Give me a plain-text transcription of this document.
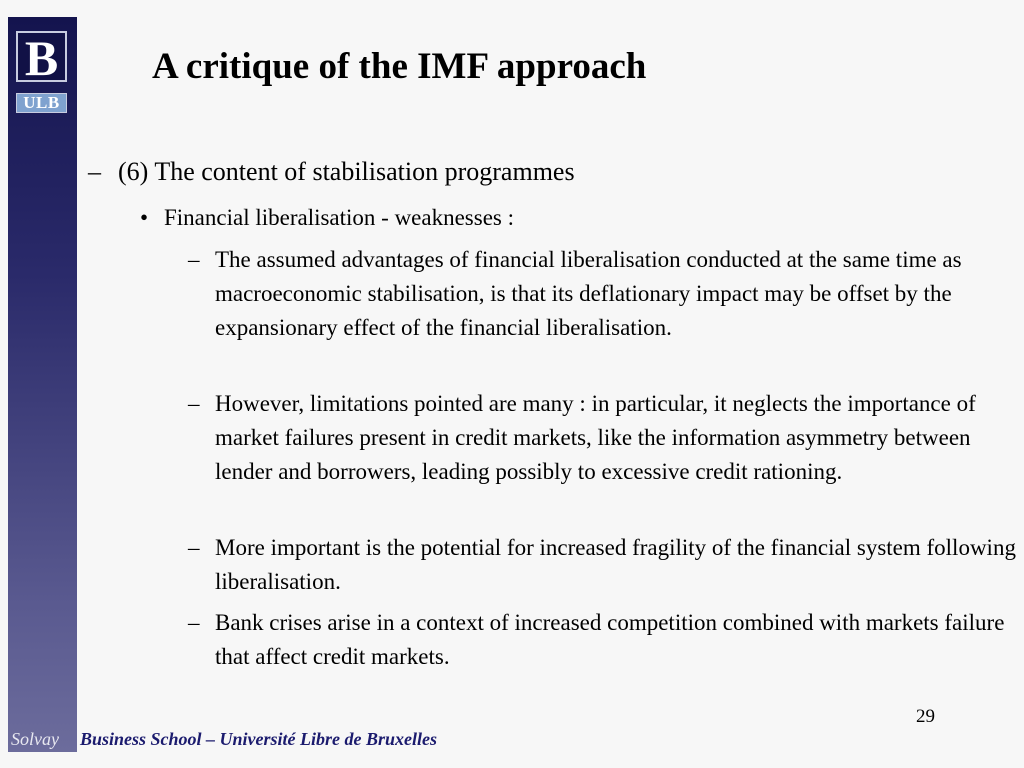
B
ULB
A critique of the IMF approach
– (6) The content of stabilisation programmes
• Financial liberalisation - weaknesses :
– The assumed advantages of financial liberalisation conducted at the same time as macroeconomic stabilisation, is that its deflationary impact may be offset by the expansionary effect of the financial liberalisation.
– However, limitations pointed are many : in particular, it neglects the importance of market failures present in credit markets, like the information asymmetry between lender and borrowers, leading possibly to excessive credit rationing.
– More important is the potential for increased fragility of the financial system following liberalisation.
– Bank crises arise in a context of increased competition combined with markets failure that affect credit markets.
29
Solvay	Business School – Université Libre de Bruxelles
